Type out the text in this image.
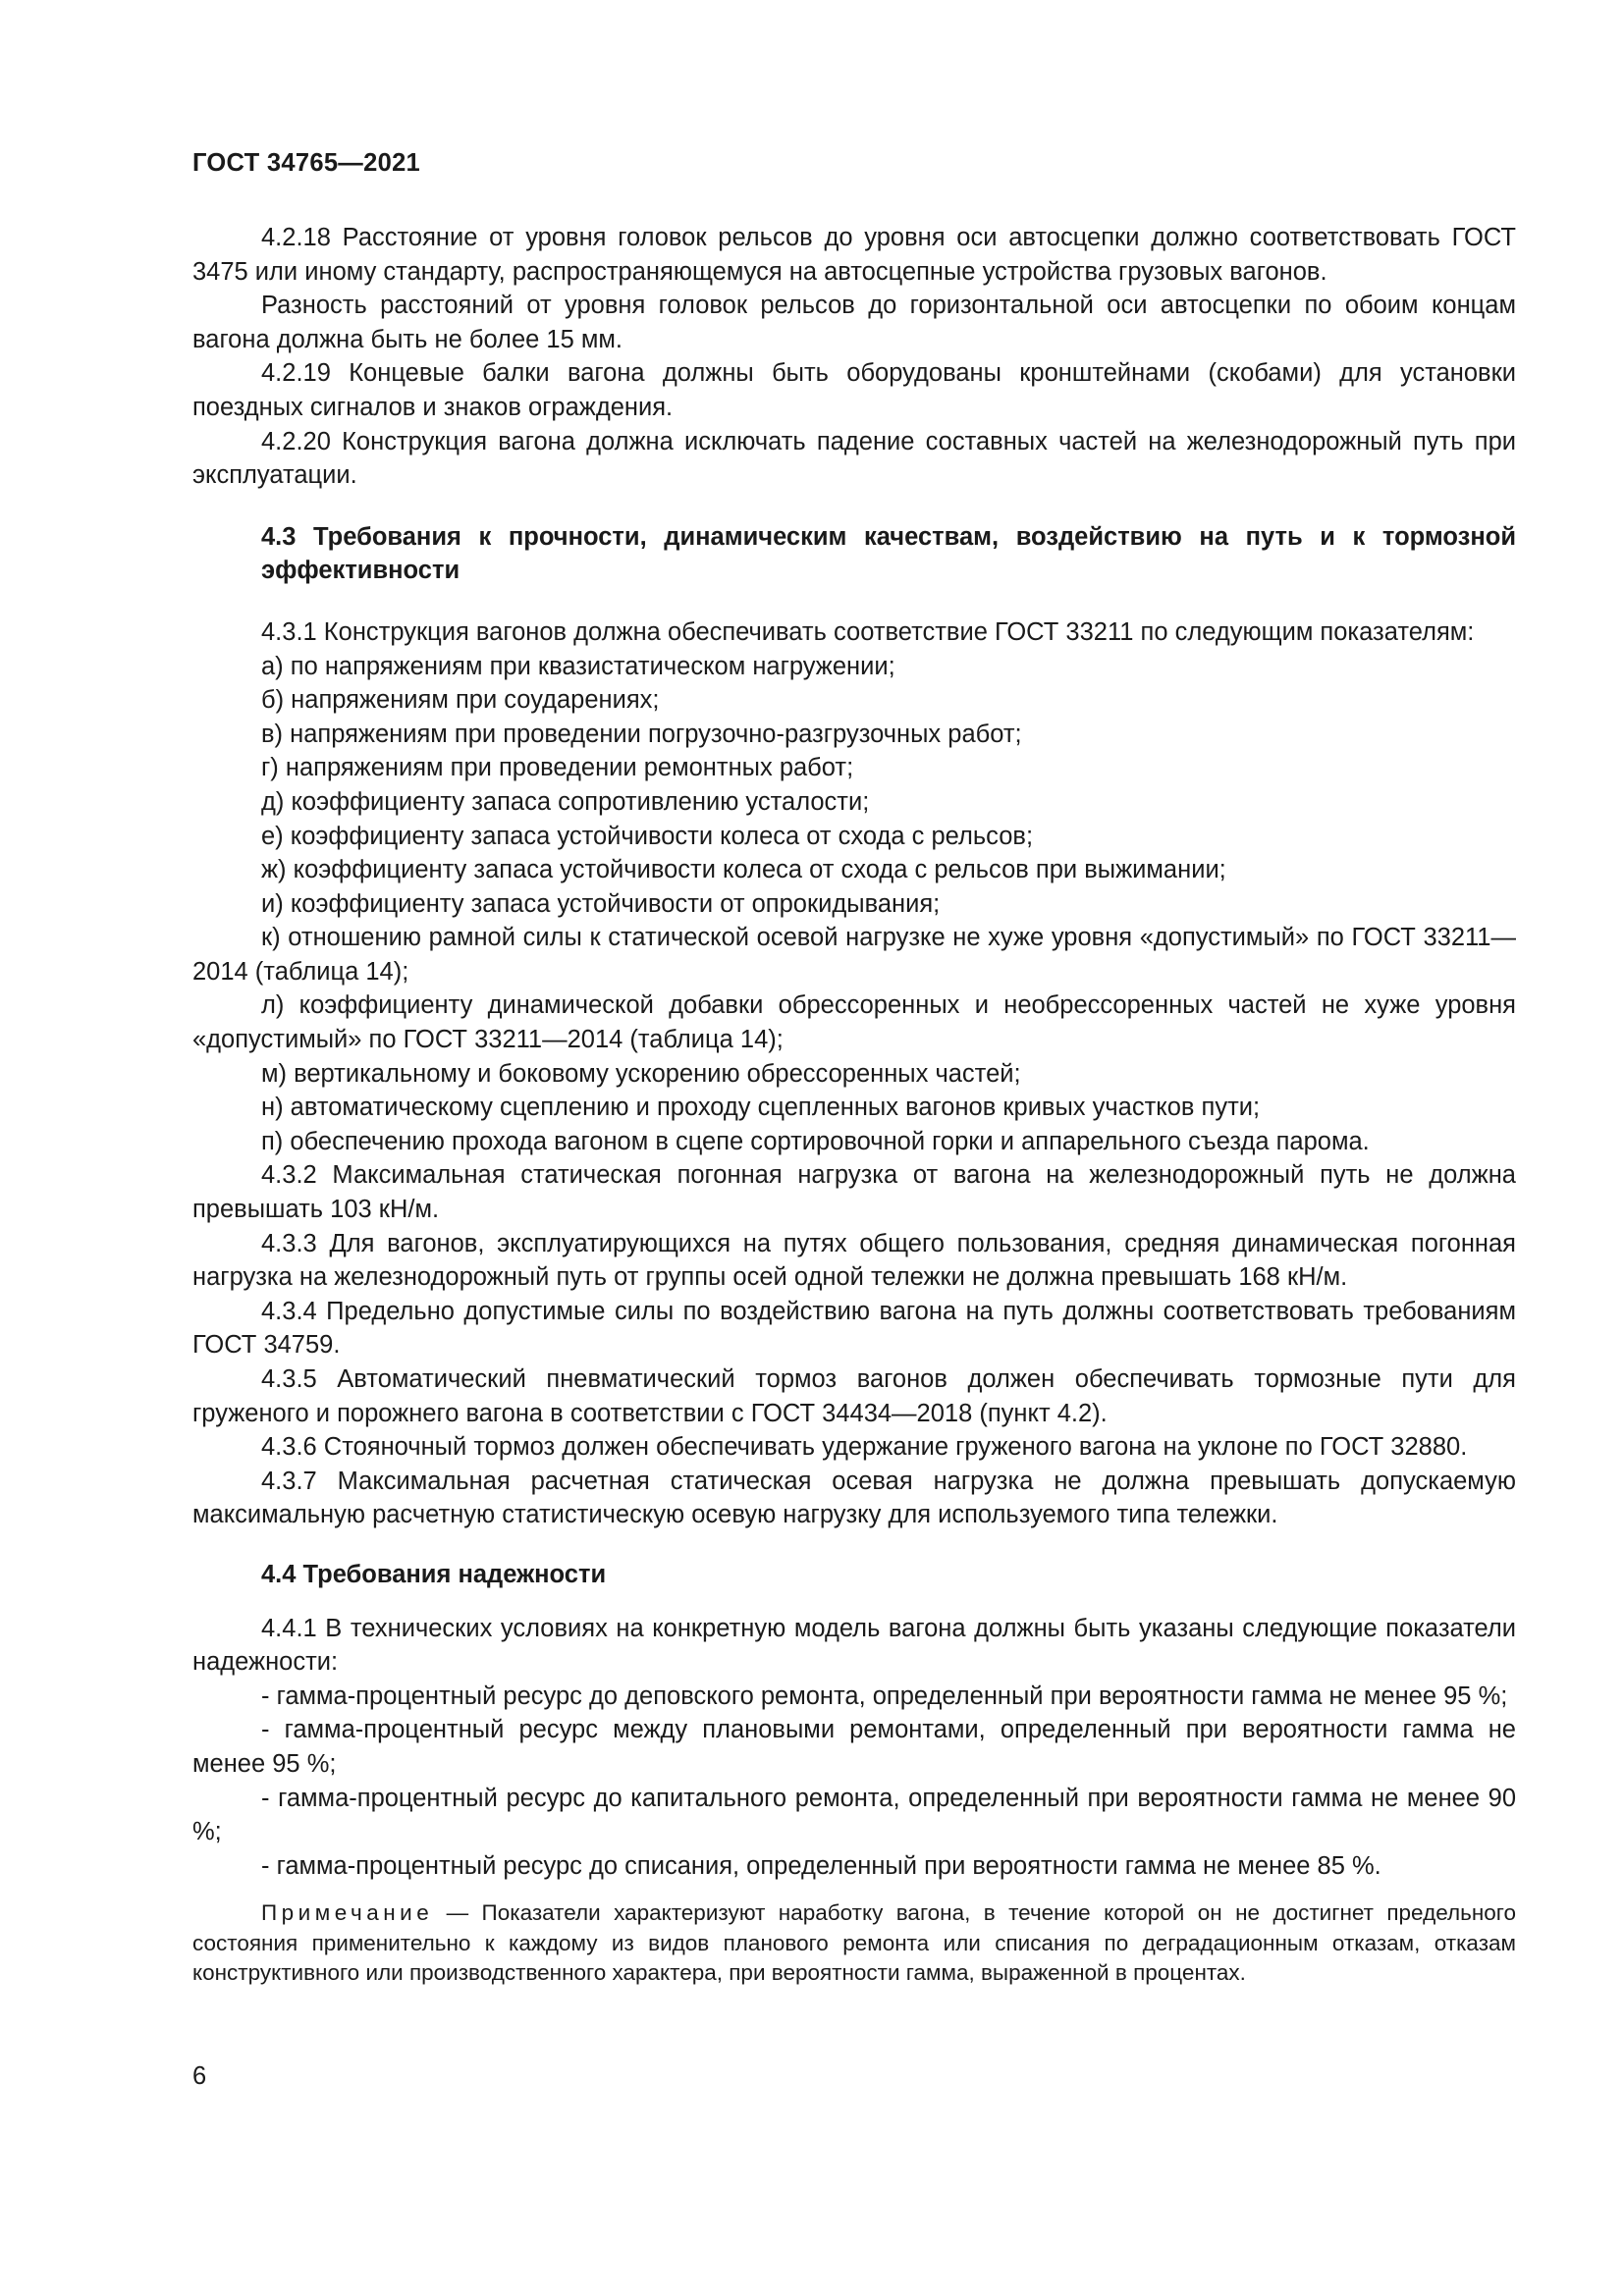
ГОСТ 34765—2021

4.2.18 Расстояние от уровня головок рельсов до уровня оси автосцепки должно соответствовать ГОСТ 3475 или иному стандарту, распространяющемуся на автосцепные устройства грузовых вагонов.

Разность расстояний от уровня головок рельсов до горизонтальной оси автосцепки по обоим концам вагона должна быть не более 15 мм.

4.2.19 Концевые балки вагона должны быть оборудованы кронштейнами (скобами) для установки поездных сигналов и знаков ограждения.

4.2.20 Конструкция вагона должна исключать падение составных частей на железнодорожный путь при эксплуатации.

4.3 Требования к прочности, динамическим качествам, воздействию на путь и к тормозной эффективности

4.3.1 Конструкция вагонов должна обеспечивать соответствие ГОСТ 33211 по следующим показателям:

а) по напряжениям при квазистатическом нагружении;

б) напряжениям при соударениях;

в) напряжениям при проведении погрузочно-разгрузочных работ;

г) напряжениям при проведении ремонтных работ;

д) коэффициенту запаса сопротивлению усталости;

е) коэффициенту запаса устойчивости колеса от схода с рельсов;

ж) коэффициенту запаса устойчивости колеса от схода с рельсов при выжимании;

и) коэффициенту запаса устойчивости от опрокидывания;

к) отношению рамной силы к статической осевой нагрузке не хуже уровня «допустимый» по ГОСТ 33211—2014 (таблица 14);

л) коэффициенту динамической добавки обрессоренных и необрессоренных частей не хуже уровня «допустимый» по ГОСТ 33211—2014 (таблица 14);

м) вертикальному и боковому ускорению обрессоренных частей;

н) автоматическому сцеплению и проходу сцепленных вагонов кривых участков пути;

п) обеспечению прохода вагоном в сцепе сортировочной горки и аппарельного съезда парома.

4.3.2 Максимальная статическая погонная нагрузка от вагона на железнодорожный путь не должна превышать 103 кН/м.

4.3.3 Для вагонов, эксплуатирующихся на путях общего пользования, средняя динамическая погонная нагрузка на железнодорожный путь от группы осей одной тележки не должна превышать 168 кН/м.

4.3.4 Предельно допустимые силы по воздействию вагона на путь должны соответствовать требованиям ГОСТ 34759.

4.3.5 Автоматический пневматический тормоз вагонов должен обеспечивать тормозные пути для груженого и порожнего вагона в соответствии с ГОСТ 34434—2018 (пункт 4.2).

4.3.6 Стояночный тормоз должен обеспечивать удержание груженого вагона на уклоне по ГОСТ 32880.

4.3.7 Максимальная расчетная статическая осевая нагрузка не должна превышать допускаемую максимальную расчетную статистическую осевую нагрузку для используемого типа тележки.

4.4 Требования надежности

4.4.1 В технических условиях на конкретную модель вагона должны быть указаны следующие показатели надежности:

- гамма-процентный ресурс до деповского ремонта, определенный при вероятности гамма не менее 95 %;

- гамма-процентный ресурс между плановыми ремонтами, определенный при вероятности гамма не менее 95 %;

- гамма-процентный ресурс до капитального ремонта, определенный при вероятности гамма не менее 90 %;

- гамма-процентный ресурс до списания, определенный при вероятности гамма не менее 85 %.

Примечание — Показатели характеризуют наработку вагона, в течение которой он не достигнет предельного состояния применительно к каждому из видов планового ремонта или списания по деградационным отказам, отказам конструктивного или производственного характера, при вероятности гамма, выраженной в процентах.

6
